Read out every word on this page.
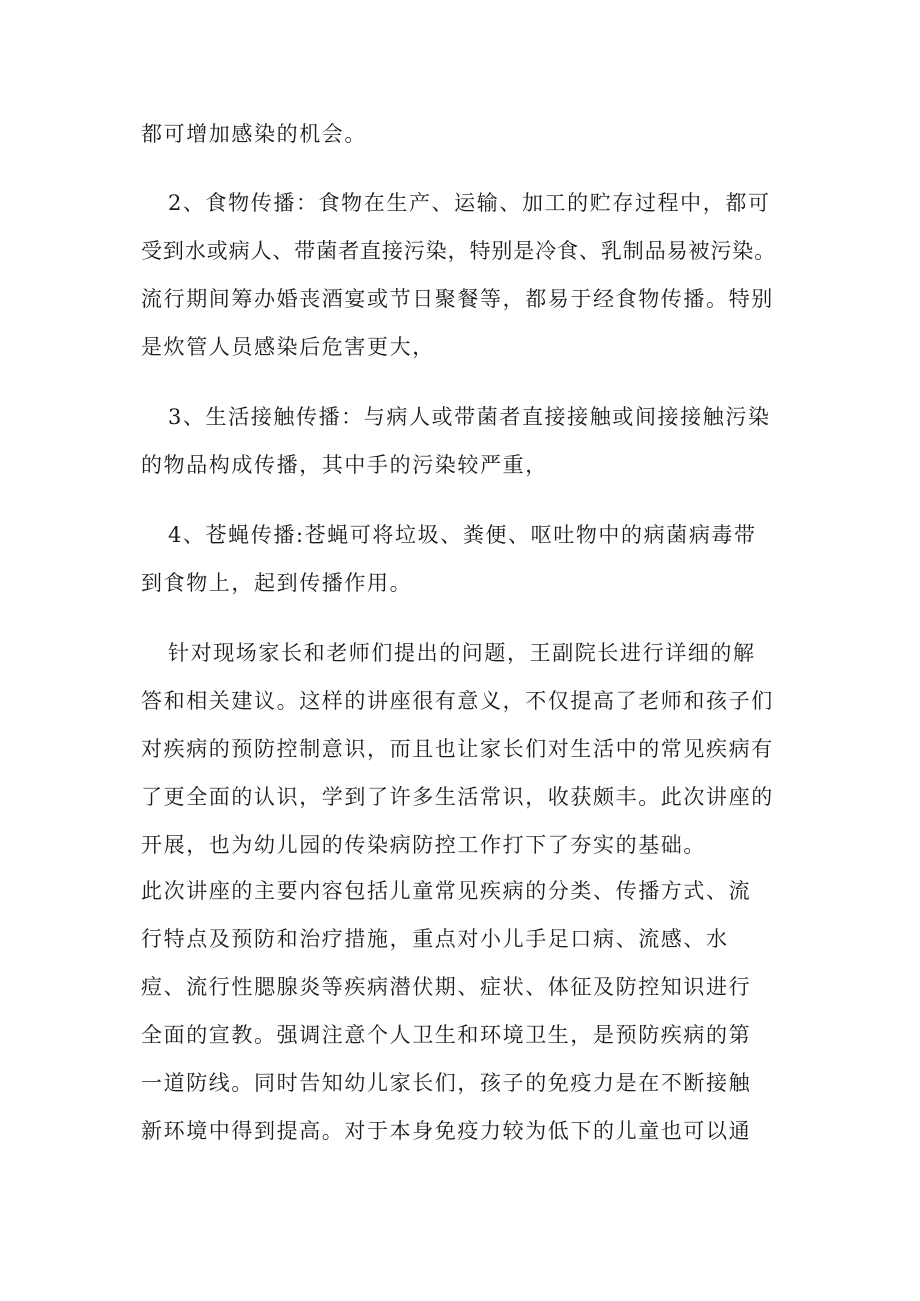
都可增加感染的机会。
2、食物传播：食物在生产、运输、加工的贮存过程中，都可
受到水或病人、带菌者直接污染，特别是冷食、乳制品易被污染。
流行期间筹办婚丧酒宴或节日聚餐等，都易于经食物传播。特别
是炊管人员感染后危害更大，
3、生活接触传播：与病人或带菌者直接接触或间接接触污染
的物品构成传播，其中手的污染较严重，
4、苍蝇传播:苍蝇可将垃圾、粪便、呕吐物中的病菌病毒带
到食物上，起到传播作用。
针对现场家长和老师们提出的问题，王副院长进行详细的解
答和相关建议。这样的讲座很有意义，不仅提高了老师和孩子们
对疾病的预防控制意识，而且也让家长们对生活中的常见疾病有
了更全面的认识，学到了许多生活常识，收获颇丰。此次讲座的
开展，也为幼儿园的传染病防控工作打下了夯实的基础。
此次讲座的主要内容包括儿童常见疾病的分类、传播方式、流
行特点及预防和治疗措施，重点对小儿手足口病、流感、水
痘、流行性腮腺炎等疾病潜伏期、症状、体征及防控知识进行
全面的宣教。强调注意个人卫生和环境卫生，是预防疾病的第
一道防线。同时告知幼儿家长们，孩子的免疫力是在不断接触
新环境中得到提高。对于本身免疫力较为低下的儿童也可以通
